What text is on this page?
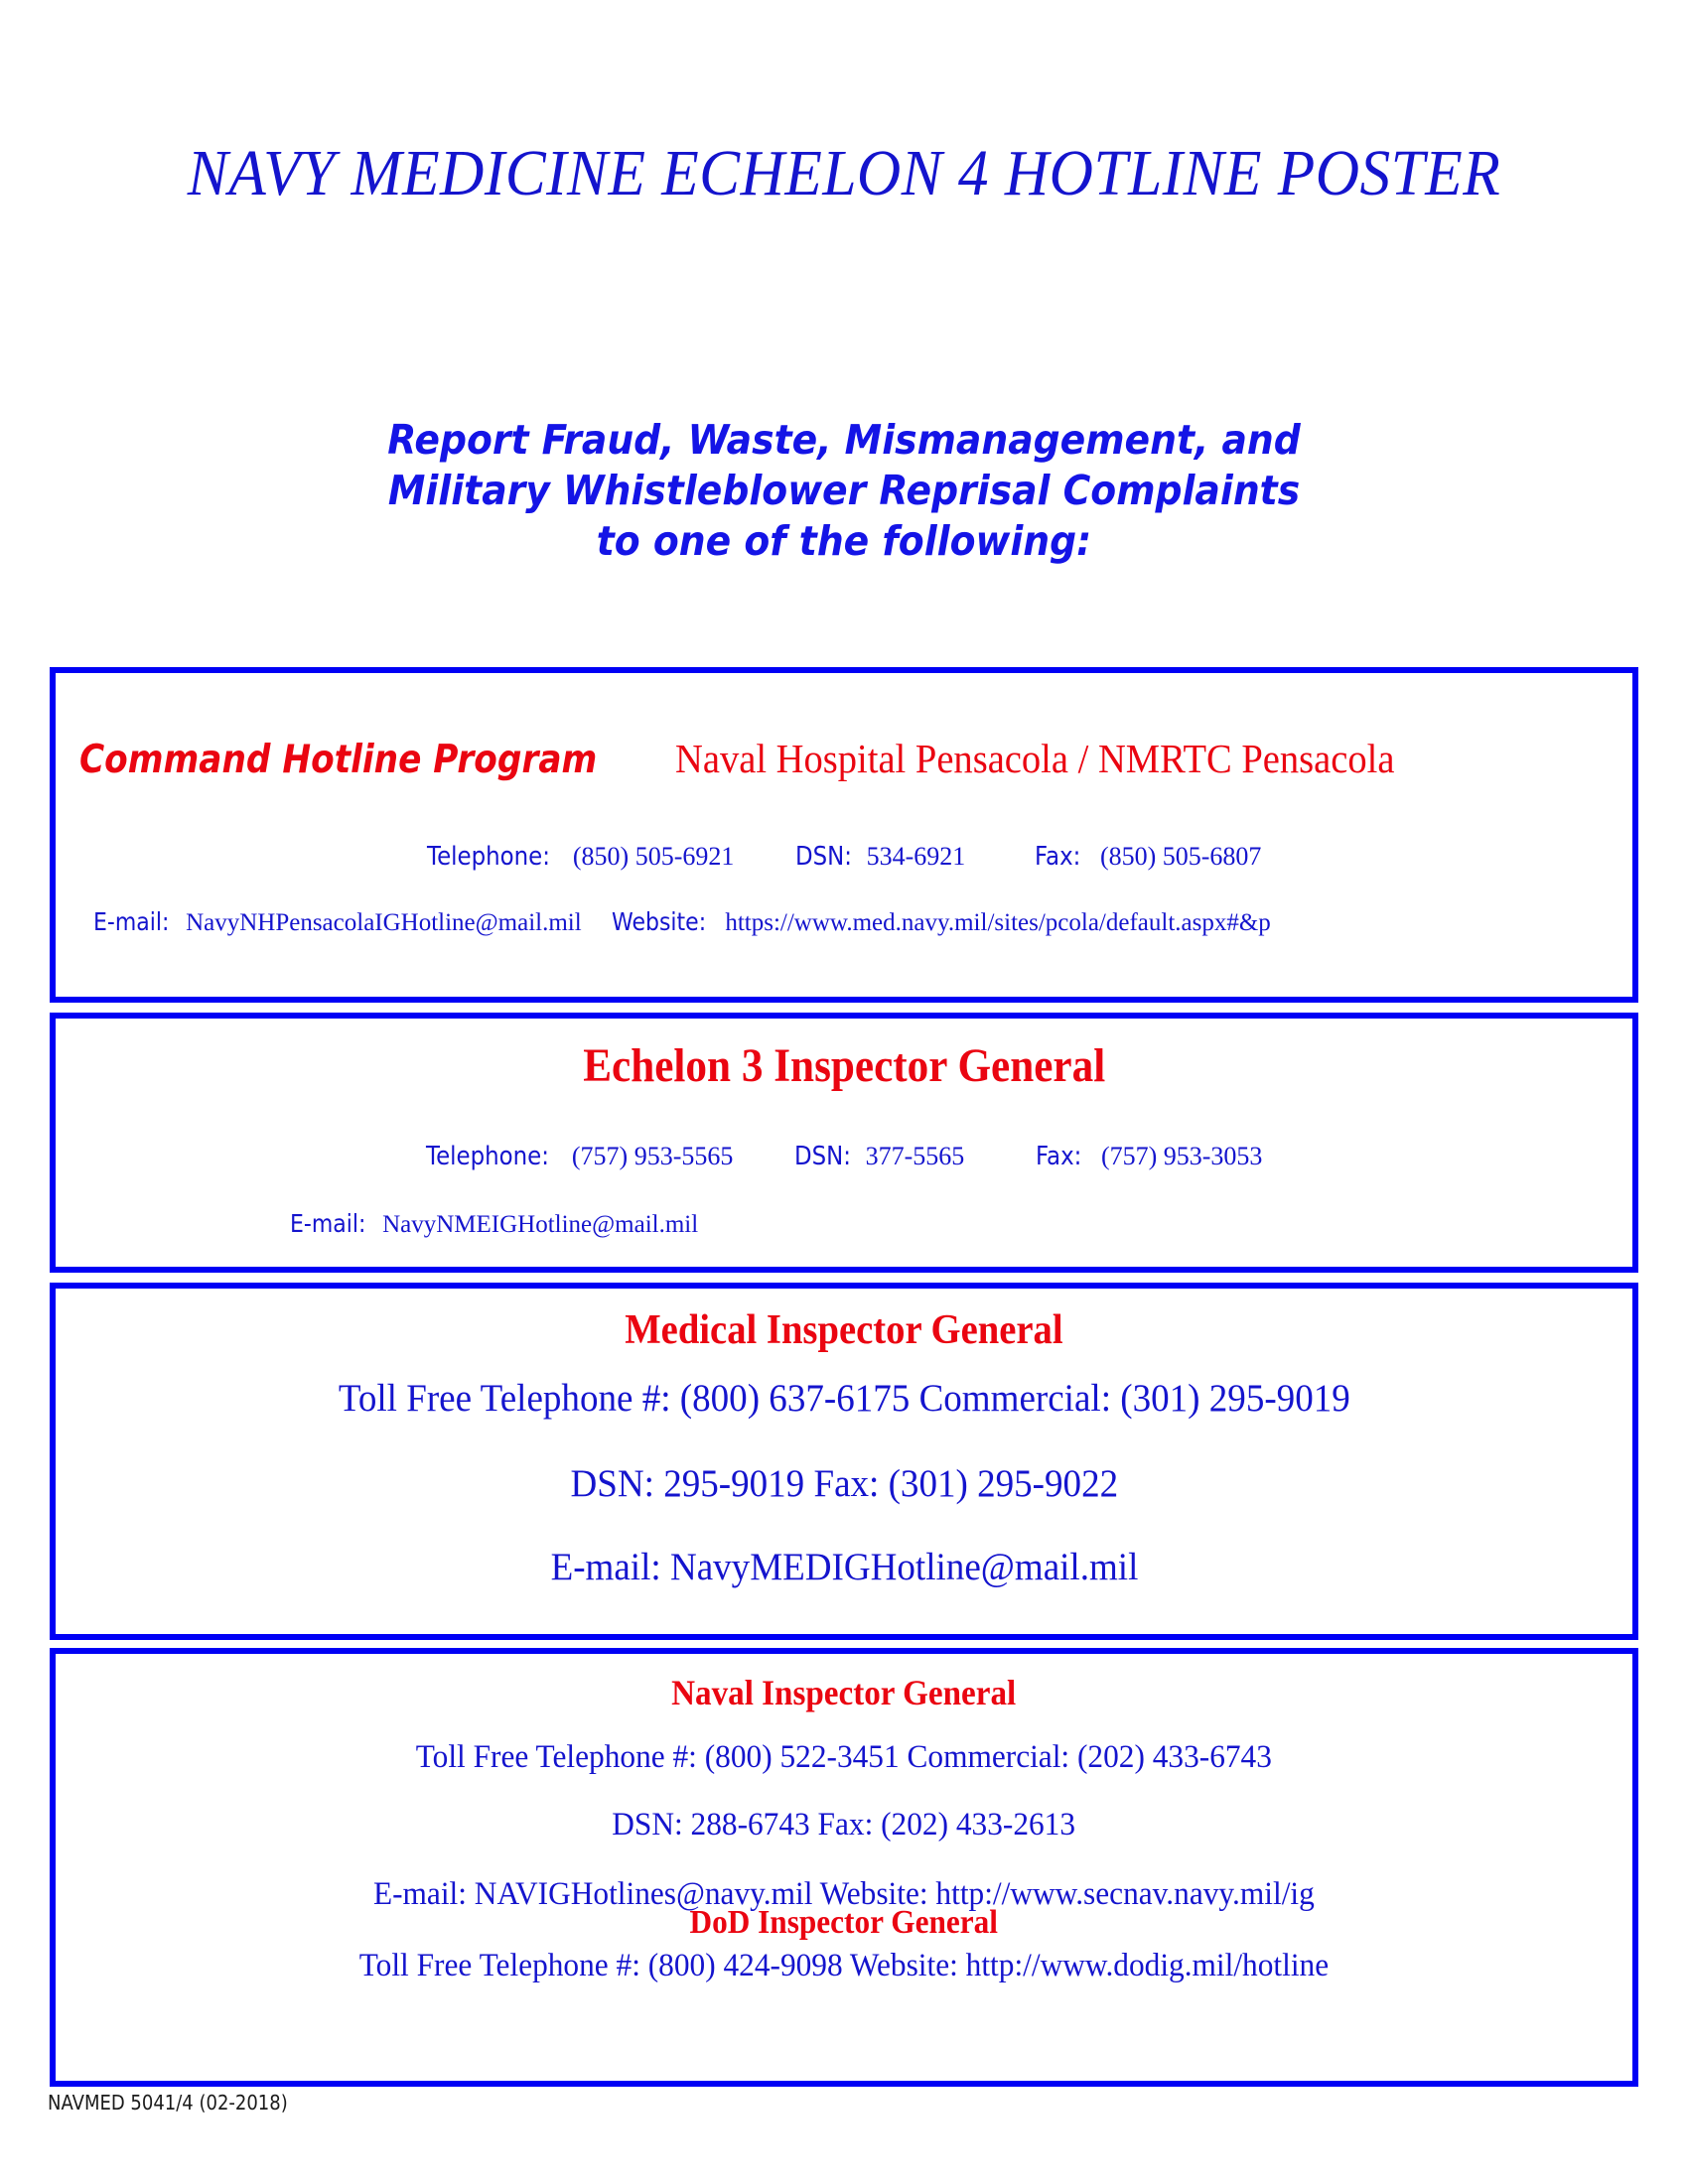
NAVY MEDICINE ECHELON 4 HOTLINE POSTER
Report Fraud, Waste, Mismanagement, and
Military Whistleblower Reprisal Complaints
to one of the following:
Command Hotline Program Naval Hospital Pensacola / NMRTC Pensacola
Telephone: (850) 505-6921 DSN: 534-6921	Fax: (850) 505-6807
E-mail: NavyNHPensacolaIGHotline@mail.mil Website: https://www.med.navy.mil/sites/pcola/default.aspx#&p
Echelon 3 Inspector General
Telephone: (757) 953-5565 DSN: 377-5565	Fax: (757) 953-3053
E-mail: NavyNMEIGHotline@mail.mil
Medical Inspector General
Toll Free Telephone #: (800) 637-6175 Commercial: (301) 295-9019
DSN: 295-9019 Fax: (301) 295-9022
E-mail: NavyMEDIGHotline@mail.mil
Naval Inspector General
Toll Free Telephone #: (800) 522-3451 Commercial: (202) 433-6743
DSN: 288-6743 Fax: (202) 433-2613
E-mail: NAVIGHotlines@navy.mil Website: http://www.secnav.navy.mil/ig
DoD Inspector General
Toll Free Telephone #: (800) 424-9098 Website: http://www.dodig.mil/hotline
NAVMED 5041/4 (02-2018)
